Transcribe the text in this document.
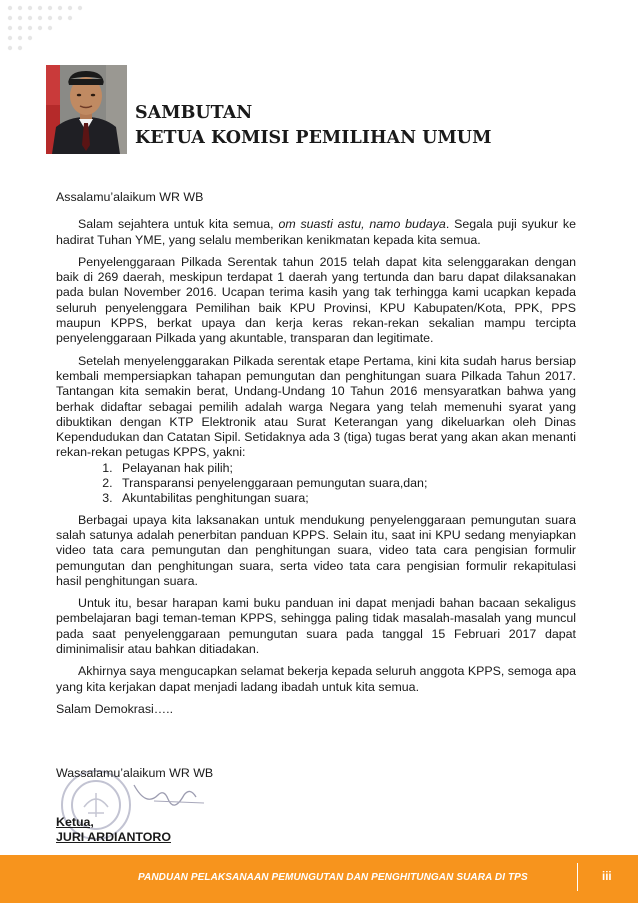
SAMBUTAN
KETUA KOMISI PEMILIHAN UMUM

Assalamu’alaikum WR WB

Salam sejahtera untuk kita semua, om suasti astu, namo budaya. Segala puji syukur ke hadirat Tuhan YME, yang selalu memberikan kenikmatan kepada kita semua.

Penyelenggaraan Pilkada Serentak tahun 2015 telah dapat kita selenggarakan dengan baik di 269 daerah, meskipun terdapat 1 daerah yang tertunda dan baru dapat dilaksanakan pada bulan November 2016. Ucapan terima kasih yang tak terhingga kami ucapkan kepada seluruh penyelenggara Pemilihan baik KPU Provinsi, KPU Kabupaten/Kota, PPK, PPS maupun KPPS, berkat upaya dan kerja keras rekan-rekan sekalian mampu tercipta penyelenggaraan Pilkada yang akuntable, transparan dan legitimate.

Setelah menyelenggarakan Pilkada serentak etape Pertama, kini kita sudah harus bersiap kembali mempersiapkan tahapan pemungutan dan penghitungan suara Pilkada Tahun 2017. Tantangan kita semakin berat, Undang-Undang 10 Tahun 2016 mensyaratkan bahwa yang berhak didaftar sebagai pemilih adalah warga Negara yang telah memenuhi syarat yang dibuktikan dengan KTP Elektronik atau Surat Keterangan yang dikeluarkan oleh Dinas Kependudukan dan Catatan Sipil. Setidaknya ada 3 (tiga) tugas berat yang akan akan menanti rekan-rekan petugas KPPS, yakni:

1. Pelayanan hak pilih;
2. Transparansi penyelenggaraan pemungutan suara,dan;
3. Akuntabilitas penghitungan suara;

Berbagai upaya kita laksanakan untuk mendukung penyelenggaraan pemungutan suara salah satunya adalah penerbitan panduan KPPS. Selain itu, saat ini KPU sedang menyiapkan video tata cara pemungutan dan penghitungan suara, video tata cara pengisian formulir pemungutan dan penghitungan suara, serta video tata cara pengisian formulir rekapitulasi hasil penghitungan suara.

Untuk itu, besar harapan kami buku panduan ini dapat menjadi bahan bacaan sekaligus pembelajaran bagi teman-teman KPPS, sehingga paling tidak masalah-masalah yang muncul pada saat penyelenggaraan pemungutan suara pada tanggal 15 Februari 2017 dapat diminimalisir atau bahkan ditiadakan.

Akhirnya saya mengucapkan selamat bekerja kepada seluruh anggota KPPS, semoga apa yang kita kerjakan dapat menjadi ladang ibadah untuk kita semua.

Salam Demokrasi…..

Wassalamu’alaikum WR WB
Ketua,
JURI ARDIANTORO
PANDUAN PELAKSANAAN PEMUNGUTAN DAN PENGHITUNGAN SUARA DI TPS	iii
